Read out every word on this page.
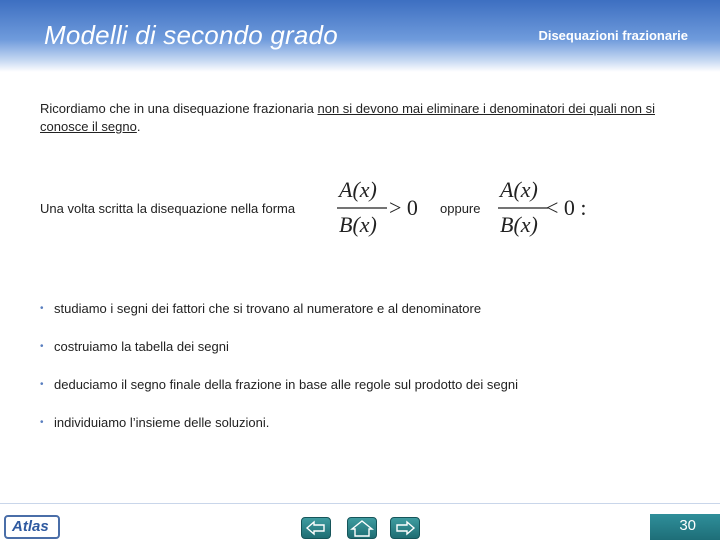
Modelli di secondo grado	Disequazioni frazionarie
Ricordiamo che in una disequazione frazionaria non si devono mai eliminare i denominatori dei quali non si conosce il segno.
Una volta scritta la disequazione nella forma
A(x)
B(x)
> 0 oppure
A(x)
B(x)
< 0 :
• studiamo i segni dei fattori che si trovano al numeratore e al denominatore
• costruiamo la tabella dei segni
• deduciamo il segno finale della frazione in base alle regole sul prodotto dei segni
• individuiamo l’insieme delle soluzioni.
Atlas	30
